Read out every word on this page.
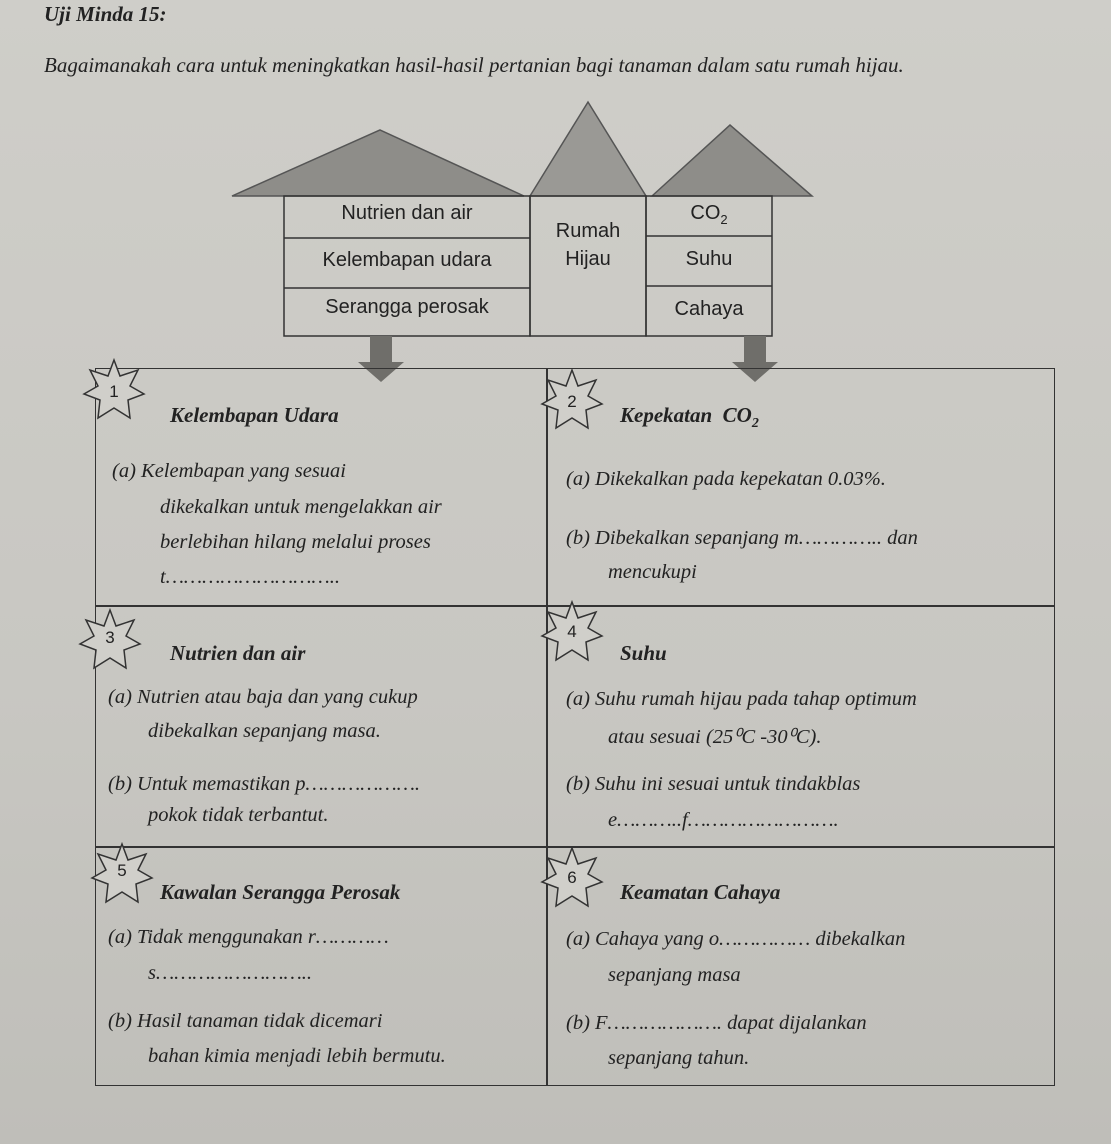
Uji Minda 15:
Bagaimanakah cara untuk meningkatkan hasil-hasil pertanian bagi tanaman dalam satu rumah hijau.
Nutrien dan air
Kelembapan udara
Serangga perosak
Rumah
Hijau
$CO_2$
Suhu
Cahaya
1
2
3	4
5	6
Kelembapan Udara
(a) Kelembapan yang sesuai
dikekalkan untuk mengelakkan air
berlebihan hilang melalui proses
t………………………..
Kepekatan  $CO_2$
(a) Dikekalkan pada kepekatan 0.03%.
(b) Dibekalkan sepanjang m………….. dan
mencukupi
Nutrien dan air
(a) Nutrien atau baja dan yang cukup
dibekalkan sepanjang masa.
(b) Untuk memastikan p……………….
pokok tidak terbantut.
Suhu
(a) Suhu rumah hijau pada tahap optimum
atau sesuai (25⁰C -30⁰C).
(b) Suhu ini sesuai untuk tindakblas
e………..f…………………….
Kawalan Serangga Perosak
(a) Tidak menggunakan r…………
s……………………..
(b) Hasil tanaman tidak dicemari
bahan kimia menjadi lebih bermutu.
Keamatan Cahaya
(a) Cahaya yang o…………… dibekalkan
sepanjang masa
(b) F………………. dapat dijalankan
sepanjang tahun.
